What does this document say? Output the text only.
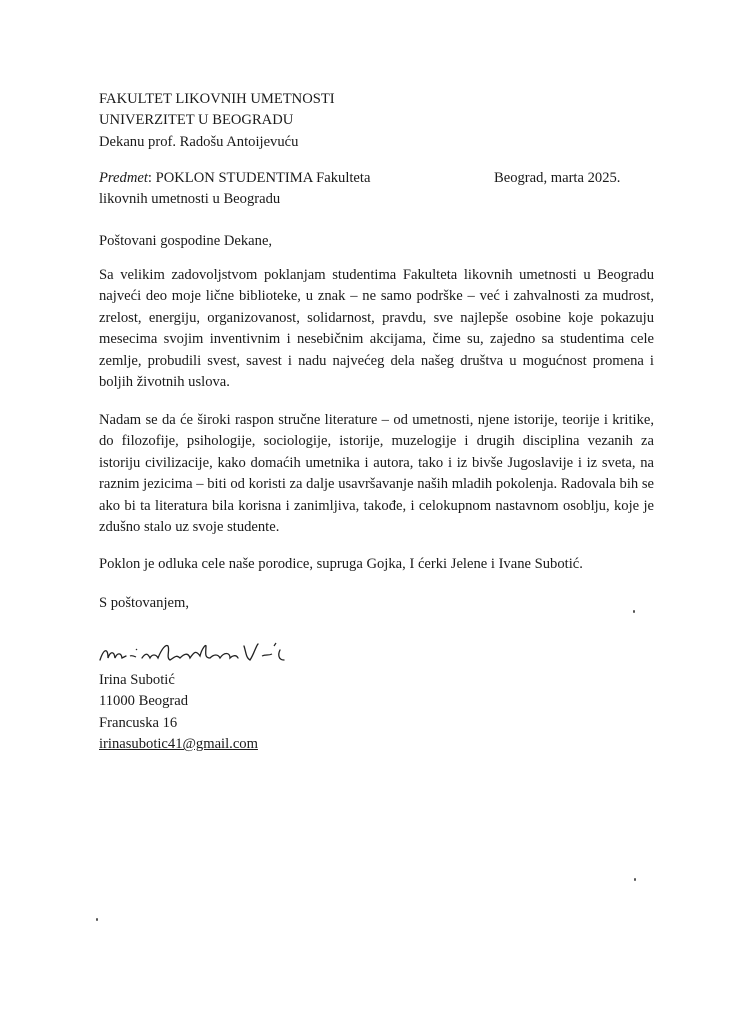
FAKULTET LIKOVNIH UMETNOSTI
UNIVERZITET U BEOGRADU
Dekanu prof. Radošu Antoijevuću
Predmet: POKLON STUDENTIMA Fakulteta
likovnih umetnosti u Beogradu
Beograd, marta 2025.
Poštovani gospodine Dekane,
Sa velikim zadovoljstvom poklanjam studentima Fakulteta likovnih umetnosti u Beogradu najveći deo moje lične biblioteke, u znak – ne samo podrške – već i zahvalnosti za mudrost, zrelost, energiju, organizovanost, solidarnost, pravdu, sve najlepše osobine koje pokazuju mesecima svojim inventivnim i nesebičnim akcijama, čime su, zajedno sa studentima cele zemlje, probudili svest, savest i nadu najvećeg dela našeg društva u mogućnost promena i boljih životnih uslova.
Nadam se da će široki raspon stručne literature – od umetnosti, njene istorije, teorije i kritike, do filozofije, psihologije, sociologije, istorije, muzelogije i drugih disciplina vezanih za istoriju civilizacije, kako domaćih umetnika i autora, tako i iz bivše Jugoslavije i iz sveta, na raznim jezicima – biti od koristi za dalje usavršavanje naših mladih pokolenja. Radovala bih se ako bi ta literatura bila korisna i zanimljiva, takođe, i celokupnom nastavnom osoblju, koje je zdušno stalo uz svoje studente.
Poklon je odluka cele naše porodice, supruga Gojka, I ćerki Jelene i Ivane Subotić.
S poštovanjem,
Irina Subotić
11000 Beograd
Francuska 16
irinasubotic41@gmail.com
